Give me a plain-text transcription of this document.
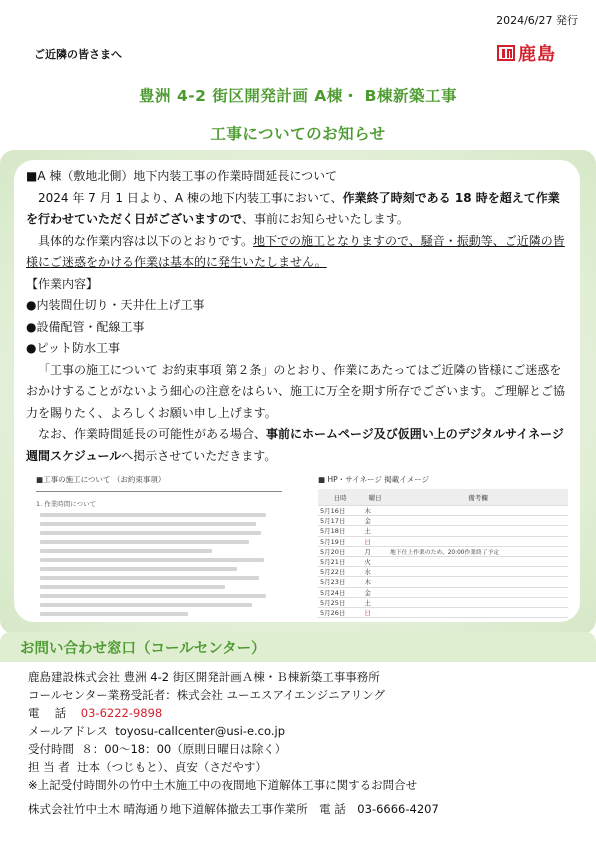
2024/6/27 発行
ご近隣の皆さまへ	鹿島
豊洲 4-2 街区開発計画 A棟・ B棟新築工事
工事についてのお知らせ

■A 棟（敷地北側）地下内装工事の作業時間延長について

2024 年 7 月 1 日より、A 棟の地下内装工事において、作業終了時刻である 18 時を超えて作業を行わせていただく日がございますので、事前にお知らせいたします。

具体的な作業内容は以下のとおりです。地下での施工となりますので、騒音・振動等、ご近隣の皆様にご迷惑をかける作業は基本的に発生いたしません。

【作業内容】

●内装間仕切り・天井仕上げ工事

●設備配管・配線工事

●ピット防水工事

「工事の施工について お約束事項 第２条」のとおり、作業にあたってはご近隣の皆様にご迷惑をおかけすることがないよう細心の注意をはらい、施工に万全を期す所存でございます。ご理解とご協力を賜りたく、よろしくお願い申し上げます。

なお、作業時間延長の可能性がある場合、事前にホームページ及び仮囲い上のデジタルサイネージ 週間スケジュールへ掲示させていただきます。

■工事の施工について （お約束事項）
1. 作業時間について
■ HP・サイネージ 掲載イメージ
日時	曜日	備考欄
5月16日	木	
5月17日	金	
5月18日	土	
5月19日	日	
5月20日	月	地下仕上作業のため、20:00作業終了予定
5月21日	火	
5月22日	水	
5月23日	木	
5月24日	金	
5月25日	土	
5月26日	日	
お問い合わせ窓口（コールセンター）

鹿島建設株式会社 豊洲 4-2 街区開発計画Ａ棟・Ｂ棟新築工事事務所

コールセンター業務受託者：株式会社 ユーエスアイエンジニアリング

電　 話 03-6222-9898

メールアドレス toyosu-callcenter@usi-e.co.jp

受付時間 ８：00～18：00（原則日曜日は除く）

担 当 者 辻本（つじもと）、貞安（さだやす）

※上記受付時間外の竹中土木施工中の夜間地下道解体工事に関するお問合せ

株式会社竹中土木 晴海通り地下道解体撤去工事作業所　電 話　03-6666-4207
